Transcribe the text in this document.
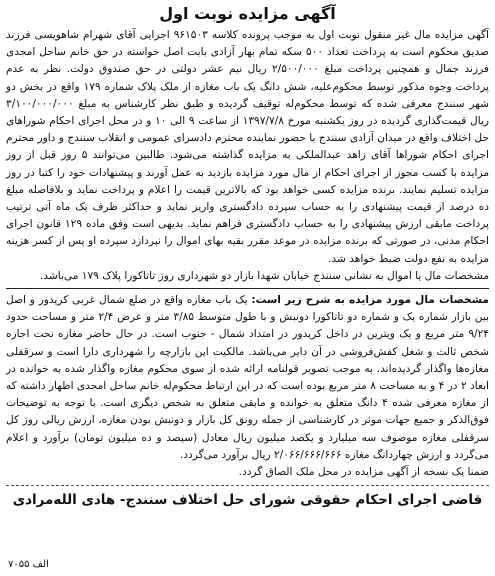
آگهی مزایده نوبت اول

آگهی مزایده مال غیر منقول نوبت اول به موجب پرونده کلاسه ۹۶۱۵۰۳ اجرایی آقای شهرام شاهویسی فرزند صدیق محکوم است به پرداخت تعداد ۵۰۰ سکه تمام بهار آزادی بابت اصل خواسته در حق خانم ساحل امجدی فرزند جمال و همچنین پرداخت مبلغ ۲/۵۰۰/۰۰۰ ریال نیم عشر دولتی در حق صندوق دولت. نظر به عدم پرداخت وجوه مذکور توسط محکوم‌علیه، شش دانگ یک باب مغازه از ملک پلاک شماره ۱۷۹ واقع در بخش دو شهر سنندج معرفی شده که توسط محکوم‌له توقیف گردیده و طبق نظر کارشناس به مبلغ ۳/۱۰۰/۰۰۰/۰۰۰ ریال قیمت‌گذاری گردیده در روز یکشنبه مورخ ۱۳۹۷/۷/۸ از ساعت ۹ الی ۱۰ و در محل اجرای احکام شوراهای حل اختلاف واقع در میدان آزادی سنندج با حضور نماینده محترم دادسرای عمومی و انقلاب سنندج و داور محترم اجرای احکام شوراها آقای زاهد عبدالملکی به مزایده گذاشته می‌شود. طالبین می‌توانند ۵ روز قبل از روز مزایده با کسب مجوز از اجرای احکام از مال مورد مزایده بازدید به عمل آورند و پیشنهادات خود را کتبا در روز مزایده تسلیم نمایند. برنده مزایده کسی خواهد بود که بالاترین قیمت را اعلام و پرداخت نماید و بلافاصله مبلغ ده درصد از قیمت پیشنهادی را به حساب سپرده دادگستری واریز نماید و حداکثر ظرف یک ماه آتی ترتیب پرداخت مابقی ارزش پیشنهادی را به حساب دادگستری فراهم نماید. بدیهی است وفق ماده ۱۲۹ قانون اجرای احکام مدنی، در صورتی که برنده مزایده در موعد مقرر بقیه بهای اموال را نپردازد سپرده او پس از کسر هزینه مزایده به نفع دولت ضبط خواهد شد.

مشخصات مال یا اموال به نشانی سنندج خیابان شهدا بازار دو شهرداری روز تاتاکورا پلاک ۱۷۹ می‌باشد.

مشخصات مال مورد مزایده به شرح زیر است: یک باب مغازه واقع در ضلع شمال غربی کریدور و اصل بین بازار شماره یک و شماره دو تاتاکورا دونبش و با طول متوسط ۳/۸۵ متر و عرض ۲/۴ متر و مساحت حدود ۹/۲۴ متر مربع و یک ویترین در داخل کریدور در امتداد شمال - جنوب است. در حال حاضر مغازه تحت اجاره شخص ثالث و شغل کفش‌فروشی در آن دایر می‌باشد. مالکیت این بازارچه را شهرداری دارا است و سرقفلی مغازه‌ها واگذار گردیده‌اند. به موجب تصویر قولنامه ارائه شده از سوی محکوم مغازه واگذار شده به خوانده در ابعاد ۲ در ۴ و به مساحت ۸ متر مربع بوده است که در این ارتباط محکوم‌له خانم ساحل امجدی اظهار داشته که از مغازه معرفی شده ۴ دانگ متعلق به خوانده و مابقی متعلق به شخص دیگری است. با توجه به توضیحات فوق‌الذکر و جمیع جهات موثر در کارشناسی از جمله رونق کل بازار و دونبش بودن مغازه، ارزش ریالی روز کل سرقفلی مغازه موصوف سه میلیارد و یکصد میلیون ریال معادل (سیصد و ده میلیون تومان) برآورد و اعلام می‌گردد و ارزش چهاردانگ مغازه ۲/۰۶۶/۶۶۶/۶۶۶ ریال برآورد می‌گردد.

ضمنا یک نسخه از آگهی مزایده در محل ملک الصاق گردد.

قاضی اجرای احکام حقوقی شورای حل اختلاف سنندج- هادی الله‌مرادی
الف ۷۰۵۵
